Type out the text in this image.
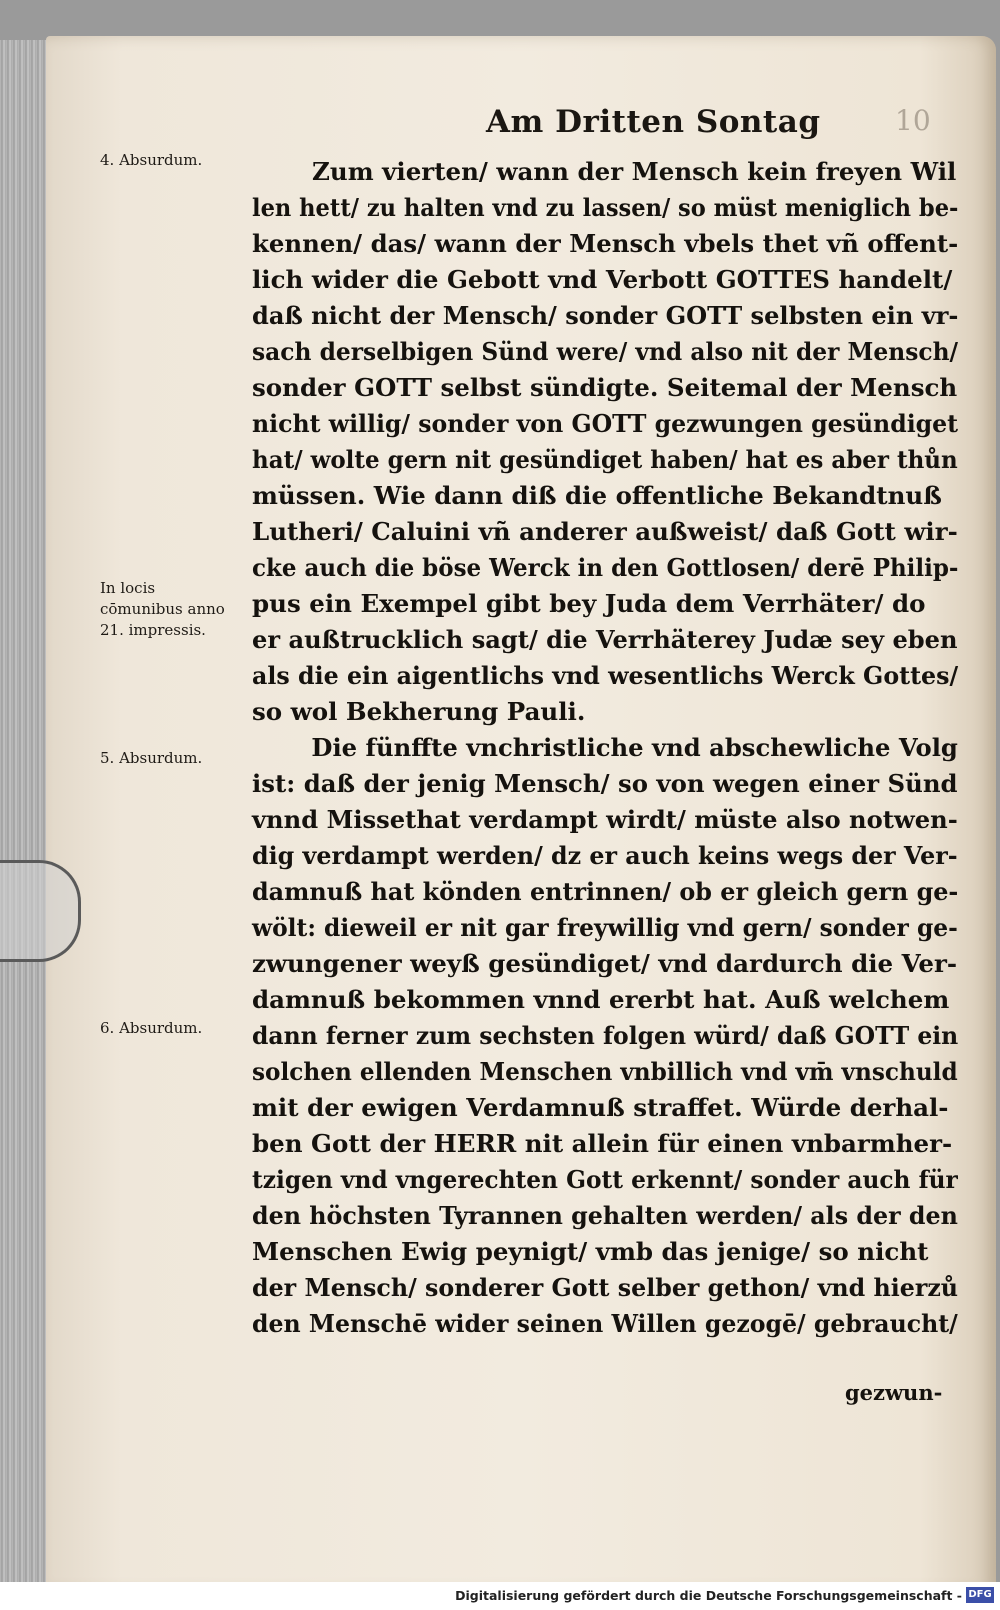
Am Dritten Sontag	10
4. Absurdum.
In locis cōmunibus anno 21. impressis.
5. Absurdum.
6. Absurdum.
Zum vierten/ wann der Mensch kein freyen Wil
len hett/ zu halten vnd zu lassen/ so müst meniglich be-
kennen/ das/ wann der Mensch vbels thet vñ offent-
lich wider die Gebott vnd Verbott GOTTES handelt/
daß nicht der Mensch/ sonder GOTT selbsten ein vr-
sach derselbigen Sünd were/ vnd also nit der Mensch/
sonder GOTT selbst sündigte. Seitemal der Mensch
nicht willig/ sonder von GOTT gezwungen gesündiget
hat/ wolte gern nit gesündiget haben/ hat es aber thůn
müssen. Wie dann diß die offentliche Bekandtnuß
Lutheri/ Caluini vñ anderer außweist/ daß Gott wir-
cke auch die böse Werck in den Gottlosen/ derē Philip-
pus ein Exempel gibt bey Juda dem Verrhäter/ do
er außtrucklich sagt/ die Verrhäterey Judæ sey eben
als die ein aigentlichs vnd wesentlichs Werck Gottes/
so wol Bekherung Pauli.
Die fünffte vnchristliche vnd abschewliche Volg
ist: daß der jenig Mensch/ so von wegen einer Sünd
vnnd Missethat verdampt wirdt/ müste also notwen-
dig verdampt werden/ dz er auch keins wegs der Ver-
damnuß hat könden entrinnen/ ob er gleich gern ge-
wölt: dieweil er nit gar freywillig vnd gern/ sonder ge-
zwungener weyß gesündiget/ vnd dardurch die Ver-
damnuß bekommen vnnd ererbt hat. Auß welchem
dann ferner zum sechsten folgen würd/ daß GOTT ein
solchen ellenden Menschen vnbillich vnd vm̄ vnschuld
mit der ewigen Verdamnuß straffet. Würde derhal-
ben Gott der HERR nit allein für einen vnbarmher-
tzigen vnd vngerechten Gott erkennt/ sonder auch für
den höchsten Tyrannen gehalten werden/ als der den
Menschen Ewig peynigt/ vmb das jenige/ so nicht
der Mensch/ sonderer Gott selber gethon/ vnd hierzů
den Menschē wider seinen Willen gezogē/ gebraucht/
gezwun-
Digitalisierung gefördert durch die Deutsche Forschungsgemeinschaft - DFG
